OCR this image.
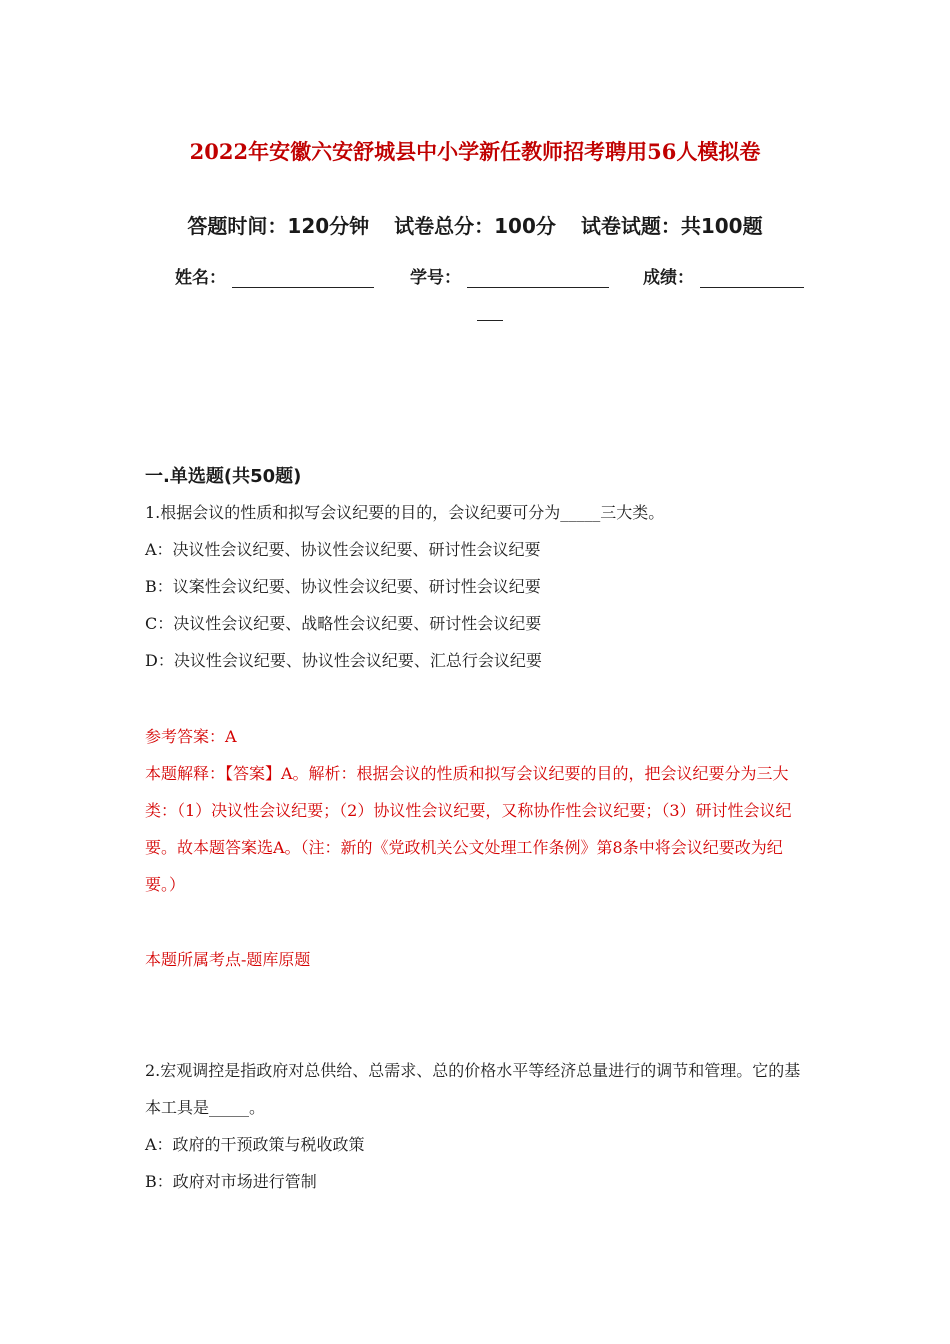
2022年安徽六安舒城县中小学新任教师招考聘用56人模拟卷
答题时间：120分钟 试卷总分：100分 试卷试题：共100题
姓名：	学号：	成绩：
一.单选题(共50题)
1.根据会议的性质和拟写会议纪要的目的，会议纪要可分为_____三大类。
A：决议性会议纪要、协议性会议纪要、研讨性会议纪要
B：议案性会议纪要、协议性会议纪要、研讨性会议纪要
C：决议性会议纪要、战略性会议纪要、研讨性会议纪要
D：决议性会议纪要、协议性会议纪要、汇总行会议纪要
参考答案：A
本题解释：【答案】A。解析：根据会议的性质和拟写会议纪要的目的，把会议纪要分为三大类：（1）决议性会议纪要；（2）协议性会议纪要，又称协作性会议纪要；（3）研讨性会议纪要。故本题答案选A。（注：新的《党政机关公文处理工作条例》第8条中将会议纪要改为纪要。）
本题所属考点-题库原题
2.宏观调控是指政府对总供给、总需求、总的价格水平等经济总量进行的调节和管理。它的基本工具是_____。
A：政府的干预政策与税收政策
B：政府对市场进行管制
